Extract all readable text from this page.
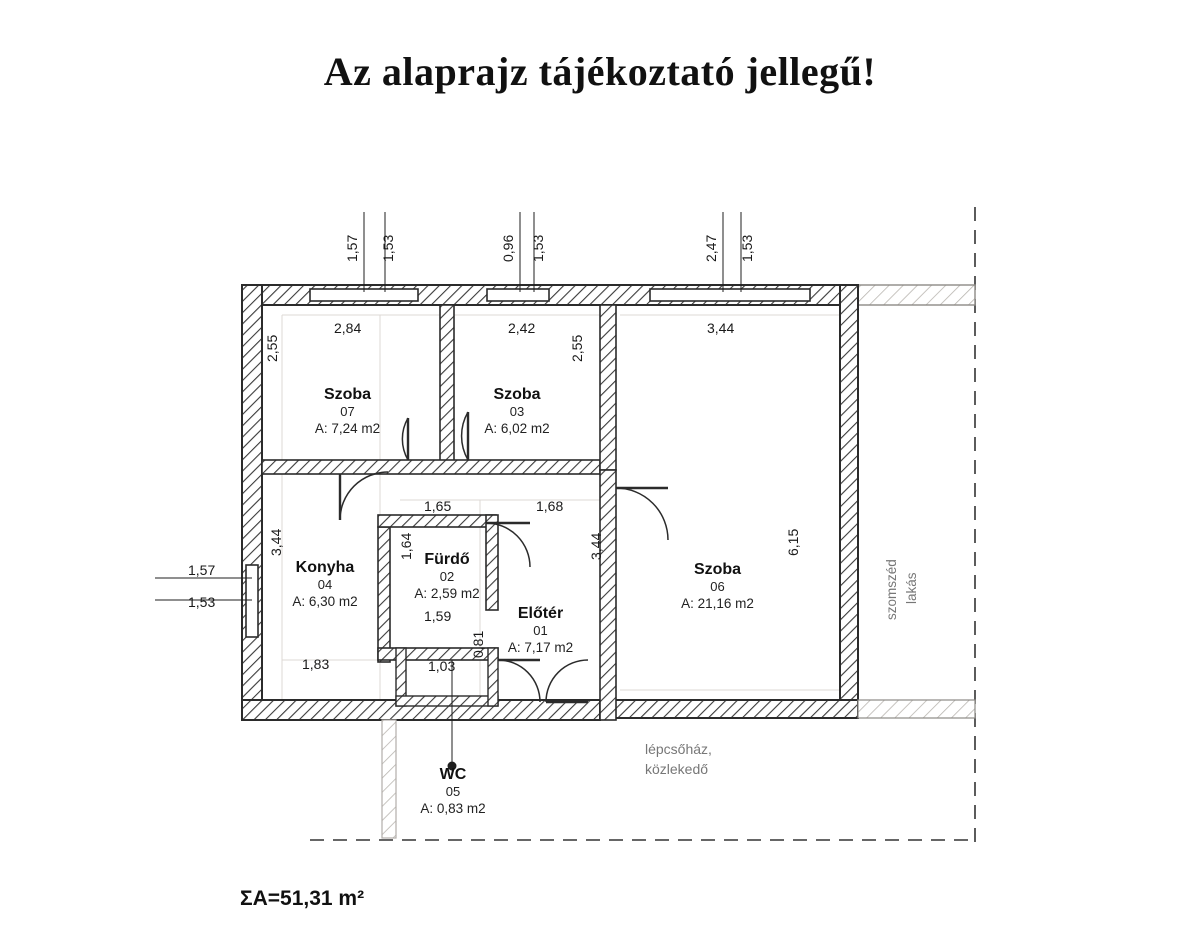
Az alaprajz tájékoztató jellegű!
ΣA=51,31 m²
Szoba
07
A: 7,24 m2
Szoba
03
A: 6,02 m2
Szoba
06
A: 21,16 m2
Konyha
04
A: 6,30 m2
Fürdő
02
A: 2,59 m2
Előtér
01
A: 7,17 m2
WC
05
A: 0,83 m2
1,57 1,53	0,96 1,53	2,47 1,53
2,84	2,42	3,44
2,55	2,55
6,15
1,57
1,53
3,44
1,83
1,65	1,68
1,64
1,59
3,44
1,03
0,81
szomszéd lakás
lépcsőház,
közlekedő
